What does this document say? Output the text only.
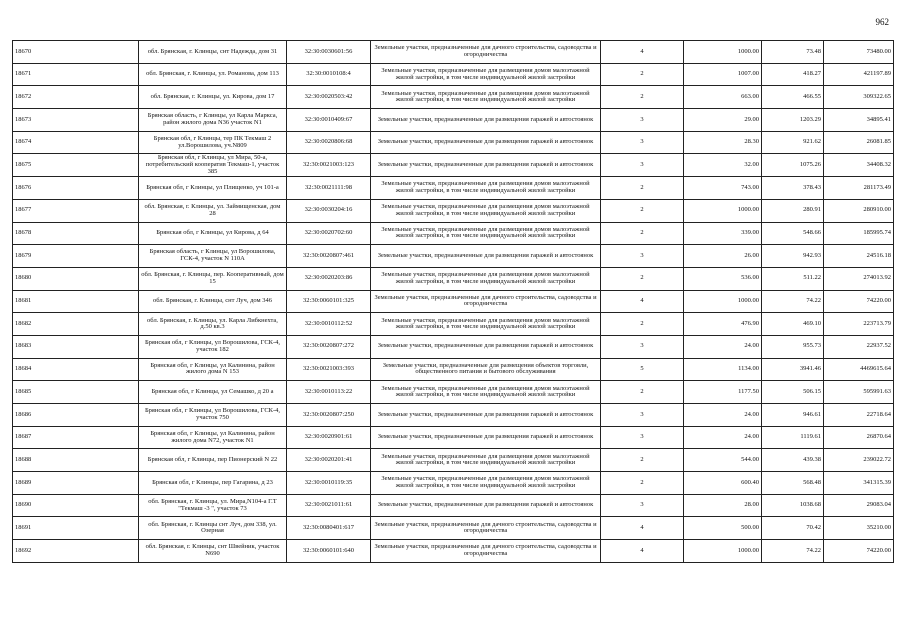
962
18670	обл. Брянская, г. Клинцы, снт Надежда, дом 31	32:30:0030601:56	Земельные участки, предназначенные для дачного строительства, садоводства и огородничества	4	1000.00	73.48	73480.00
18671	обл. Брянская, г. Клинцы, ул. Романова, дом 113	32:30:0010108:4	Земельные участки, предназначенные для размещения домов малоэтажной жилой застройки, в том числе индивидуальной жилой застройки	2	1007.00	418.27	421197.89
18672	обл. Брянская, г. Клинцы, ул. Кирова, дом 17	32:30:0020503:42	Земельные участки, предназначенные для размещения домов малоэтажной жилой застройки, в том числе индивидуальной жилой застройки	2	663.00	466.55	309322.65
18673	Брянская область, г Клинцы, ул Карла Маркса, район жилого дома N36 участок N1	32:30:0010409:67	Земельные участки, предназначенные для размещения гаражей и автостоянок	3	29.00	1203.29	34895.41
18674	Брянская обл, г Клинцы, тер ПК Текмаш 2 ул.Ворошилова, уч.N809	32:30:0020806:68	Земельные участки, предназначенные для размещения гаражей и автостоянок	3	28.30	921.62	26081.85
18675	Брянская обл, г Клинцы, ул Мира, 50-а, потребительский кооператив Текмаш-1, участок 385	32:30:0021003:123	Земельные участки, предназначенные для размещения гаражей и автостоянок	3	32.00	1075.26	34408.32
18676	Брянская обл, г Клинцы, ул Плищенко, уч 101-а	32:30:0021111:98	Земельные участки, предназначенные для размещения домов малоэтажной жилой застройки, в том числе индивидуальной жилой застройки	2	743.00	378.43	281173.49
18677	обл. Брянская, г. Клинцы, ул. Займищенская, дом 28	32:30:0030204:16	Земельные участки, предназначенные для размещения домов малоэтажной жилой застройки, в том числе индивидуальной жилой застройки	2	1000.00	280.91	280910.00
18678	Брянская обл, г Клинцы, ул Кирова, д 64	32:30:0020702:60	Земельные участки, предназначенные для размещения домов малоэтажной жилой застройки, в том числе индивидуальной жилой застройки	2	339.00	548.66	185995.74
18679	Брянская область, г Клинцы, ул Ворошилова, ГСК-4, участок N 110А	32:30:0020807:461	Земельные участки, предназначенные для размещения гаражей и автостоянок	3	26.00	942.93	24516.18
18680	обл. Брянская, г. Клинцы, пер. Кооперативный, дом 15	32:30:0020203:86	Земельные участки, предназначенные для размещения домов малоэтажной жилой застройки, в том числе индивидуальной жилой застройки	2	536.00	511.22	274013.92
18681	обл. Брянская, г. Клинцы, снт Луч, дом 346	32:30:0060101:325	Земельные участки, предназначенные для дачного строительства, садоводства и огородничества	4	1000.00	74.22	74220.00
18682	обл. Брянская, г. Клинцы, ул. Карла Либкнехта, д.50 кв.3	32:30:0010112:52	Земельные участки, предназначенные для размещения домов малоэтажной жилой застройки, в том числе индивидуальной жилой застройки	2	476.90	469.10	223713.79
18683	Брянская обл, г Клинцы, ул Ворошилова, ГСК-4, участок 182	32:30:0020807:272	Земельные участки, предназначенные для размещения гаражей и автостоянок	3	24.00	955.73	22937.52
18684	Брянская обл, г Клинцы, ул Калинина, район жилого дома N 153	32:30:0021003:393	Земельные участки, предназначенные для размещения объектов торговли, общественного питания и бытового обслуживания	5	1134.00	3941.46	4469615.64
18685	Брянская обл, г Клинцы, ул Семашко, д 20 а	32:30:0010113:22	Земельные участки, предназначенные для размещения домов малоэтажной жилой застройки, в том числе индивидуальной жилой застройки	2	1177.50	506.15	595991.63
18686	Брянская обл, г Клинцы, ул Ворошилова, ГСК-4, участок 750	32:30:0020807:250	Земельные участки, предназначенные для размещения гаражей и автостоянок	3	24.00	946.61	22718.64
18687	Брянская обл, г Клинцы, ул Калинина, район жилого дома N72, участок N1	32:30:0020901:61	Земельные участки, предназначенные для размещения гаражей и автостоянок	3	24.00	1119.61	26870.64
18688	Брянская обл, г Клинцы, пер Пионерский N 22	32:30:0020201:41	Земельные участки, предназначенные для размещения домов малоэтажной жилой застройки, в том числе индивидуальной жилой застройки	2	544.00	439.38	239022.72
18689	Брянская обл, г Клинцы, пер Гагарина, д 23	32:30:0010119:35	Земельные участки, предназначенные для размещения домов малоэтажной жилой застройки, в том числе индивидуальной жилой застройки	2	600.40	568.48	341315.39
18690	обл. Брянская, г. Клинцы, ул. Мира,N104-а Г.Т "Текмаш -3 ", участок 73	32:30:0021011:61	Земельные участки, предназначенные для размещения гаражей и автостоянок	3	28.00	1038.68	29083.04
18691	обл. Брянская, г. Клинцы снт Луч, дом 338, ул. Озерная	32:30:0080401:617	Земельные участки, предназначенные для дачного строительства, садоводства и огородничества	4	500.00	70.42	35210.00
18692	обл. Брянская, г. Клинцы, снт Швейник, участок N690	32:30:0060101:640	Земельные участки, предназначенные для дачного строительства, садоводства и огородничества	4	1000.00	74.22	74220.00
